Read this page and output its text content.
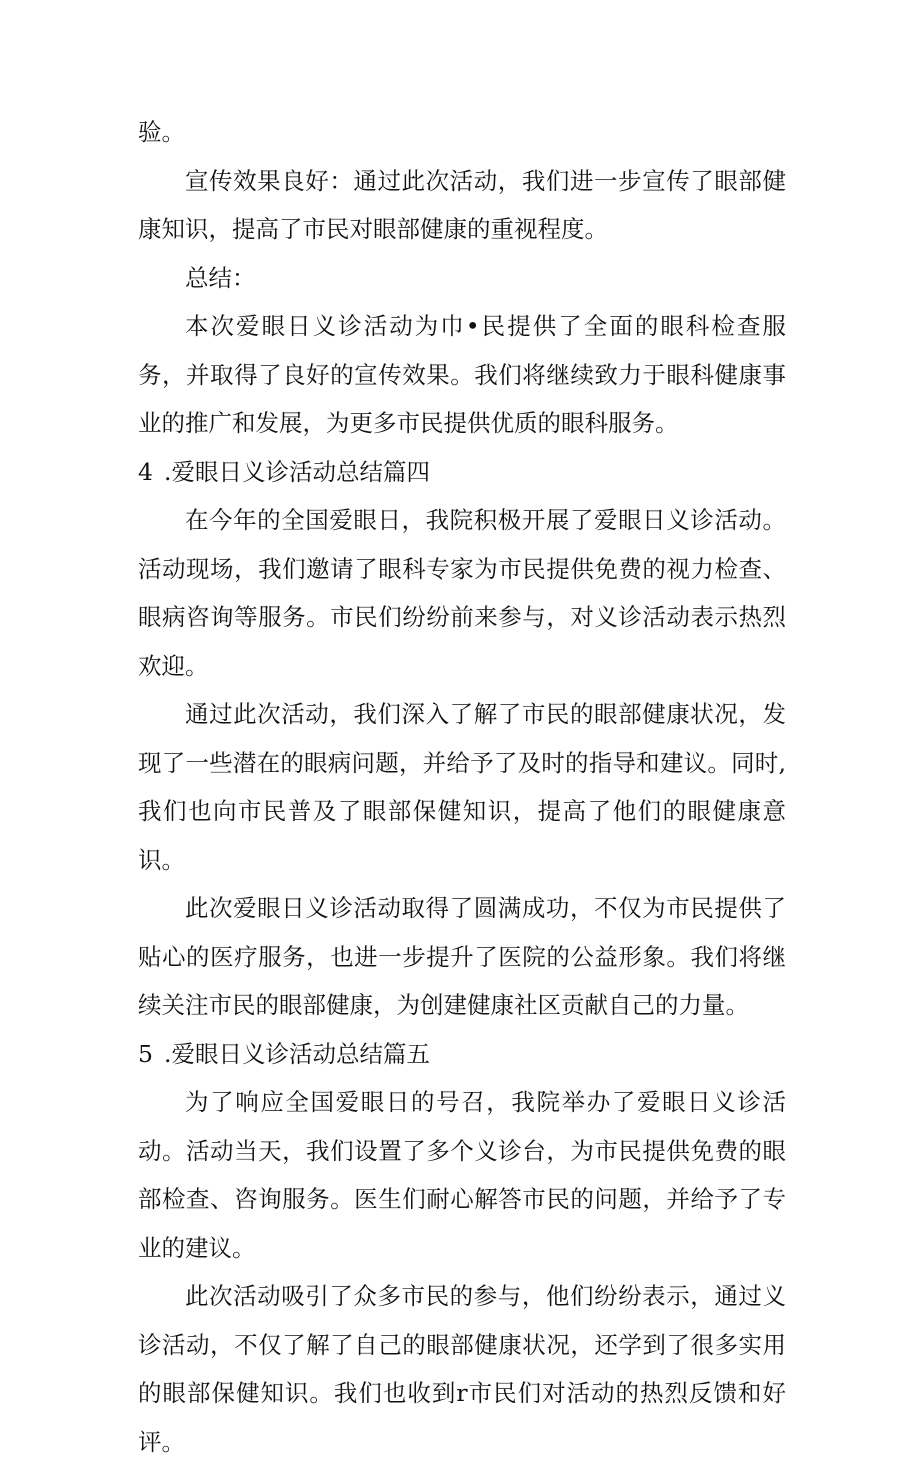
验。

宣传效果良好：通过此次活动，我们进一步宣传了眼部健康知识，提高了市民对眼部健康的重视程度。

总结：

本次爱眼日义诊活动为巾•民提供了全面的眼科检查服务，并取得了良好的宣传效果。我们将继续致力于眼科健康事业的推广和发展，为更多市民提供优质的眼科服务。

4 .爱眼日义诊活动总结篇四

在今年的全国爱眼日，我院积极开展了爱眼日义诊活动。活动现场，我们邀请了眼科专家为市民提供免费的视力检查、眼病咨询等服务。市民们纷纷前来参与，对义诊活动表示热烈欢迎。

通过此次活动，我们深入了解了市民的眼部健康状况，发现了一些潜在的眼病问题，并给予了及时的指导和建议。同时,我们也向市民普及了眼部保健知识，提高了他们的眼健康意识。

此次爱眼日义诊活动取得了圆满成功，不仅为市民提供了贴心的医疗服务，也进一步提升了医院的公益形象。我们将继续关注市民的眼部健康，为创建健康社区贡献自己的力量。

5 .爱眼日义诊活动总结篇五

为了响应全国爱眼日的号召，我院举办了爱眼日义诊活动。活动当天，我们设置了多个义诊台，为市民提供免费的眼部检查、咨询服务。医生们耐心解答市民的问题，并给予了专业的建议。

此次活动吸引了众多市民的参与，他们纷纷表示，通过义诊活动，不仅了解了自己的眼部健康状况，还学到了很多实用的眼部保健知识。我们也收到r市民们对活动的热烈反馈和好评。
